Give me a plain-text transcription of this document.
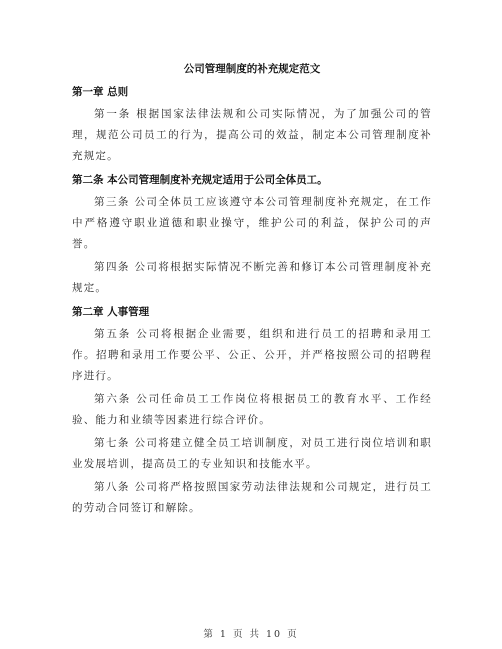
公司管理制度的补充规定范文
第一章 总则

第一条 根据国家法律法规和公司实际情况，为了加强公司的管理，规范公司员工的行为，提高公司的效益，制定本公司管理制度补充规定。

第二条 本公司管理制度补充规定适用于公司全体员工。

第三条 公司全体员工应该遵守本公司管理制度补充规定，在工作中严格遵守职业道德和职业操守，维护公司的利益，保护公司的声誉。

第四条 公司将根据实际情况不断完善和修订本公司管理制度补充规定。

第二章 人事管理

第五条 公司将根据企业需要，组织和进行员工的招聘和录用工作。招聘和录用工作要公平、公正、公开，并严格按照公司的招聘程序进行。

第六条 公司任命员工工作岗位将根据员工的教育水平、工作经验、能力和业绩等因素进行综合评价。

第七条 公司将建立健全员工培训制度，对员工进行岗位培训和职业发展培训，提高员工的专业知识和技能水平。

第八条 公司将严格按照国家劳动法律法规和公司规定，进行员工的劳动合同签订和解除。

第 1 页 共 10 页
